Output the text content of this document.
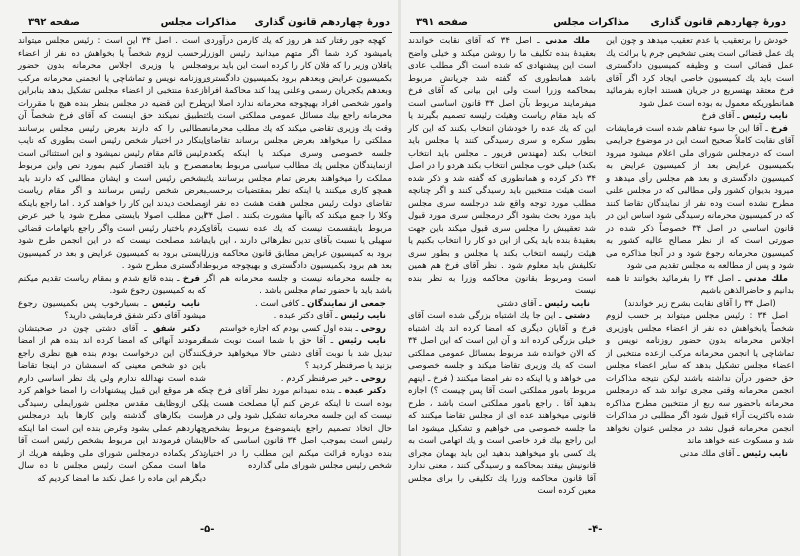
دورهٔ چهاردهم قانون گذاری
مذاکرات مجلس
صفحه ۳۹۲

کهچه جور رفتار کند هر روز که یك کارمن درآوردی یامیشود کرد شما اگر متهم میدانید رئیس الوزرا یافلان وزیر را که فلان کار را کرده است این باید برود بکمیسیون عرایض وبعدهم برود بکمیسیون دادگستری وبعدهم یکجریان رسمی وعلنی پیدا کند محاکمهٔ افراد وامور شخصی افراد بهیچوجه محرمانه ندارد اصلا این محرمانه راجع بیك مسائل عمومی مملکتی است یك وقت یك وزیری تقاضی میکند که یك مطلب محرمانه مملکتی را میخواهد بعرض مجلس برساند تقاضای جلسه خصوصی وسری میکند یا اینکه یکعده ازنمایندگان مجلس یك مطالب سیاسی مربوط بعامه مملکت را میخواهند بعرض تمام مجلس برسانند یك همچو کاری میکنند یا اینکه نظر بمقتضیات برحسب تقاضای دولت رئیس مجلس هفت هشت ده نفر از وکلا را جمع میکند که باآنها مشورت بکنند . اصل ۳۴ مربوط باینقسمت نیست که یك عده نسبت بآقای سهیلی یا نسبت بآقای تدین نظرهائی دارند ، این باید برود به کمیسیون عرایض مطابق قانون محاکمه وزرا بعد هم برود بکمیسیون دادگستری و بهیچوجه مربوط به جلسه محرمانه نیست و جلسه محرمانه هم اگر باشد باید با حضور تمام مجلس باشد .

جمعی از نمایندگان ـ کافی است .

نایب رئیس ـ آقای دکتر عبده .

روحی ـ بنده اول کسی بودم که اجازه خواستم

نایب رئیس ـ آقا حق با شما است نوبت شما تبدیل شد با نوبت آقای دشتی حالا میخواهید حرف بزنید یا صرفنظر کردید ؟

روحی ـ خیر صرفنظر کردم .

دکتر عبده ـ بنده نمیدانم مورد نظر آقای فرخ چه بوده است تا اینکه عرض کنم آیا مصلحت هست یا نیست که این جلسه محرمانه تشکیل شود ولی در هر حال اتخاذ تصمیم راجع باینموضوع مربوط بشخص رئیس است بموجب اصل ۳۴ قانون اساسی که حالا بنده دوباره قرائت میکنم این مطلب را در اختیار شخص رئیس مجلس شورای ملی گذارده

است . اصل ۳۴ این است : رئیس مجلس میتواند برحسب لزوم شخصاً یا بخواهش ده نفر از اعضاء مجلس یا وزیری اجلاس محرمانه بدون حضور روزنامه نویس و تماشاچی یا انجمنی محرمانه مرکب ازعدهٔ منتخبی از اعضاء مجلس تشکیل بدهد بنابراین طرح این قضیه در مجلس بنظر بنده هیچ با مقررات تطبیق نمیکند حق اینست که آقای فرخ شخصاً آن مطالبی را که دارند بعرض رئیس مجلس برسانند اینکار در اختیار شخص رئیس است بطوری که نایب رئیس قائم مقام رئیس نمیشود و این استثنائی است مصرح و باید اقتصار کنیم بمورد نص واین مربوط بشخص رئیس است و ایشان مطالبی که دارند باید بعرض شخص رئیس برسانند و اگر مقام ریاست مصلحت دیدند این کار را خواهند کرد . اما راجع باینکه این مطلب اصولا بایستی مطرح شود یا خیر عرض کردم باختیار رئیس است واگر راجع باتهامات قضائی باشد مصلحت نیست که در این انجمن طرح شود بایستی برود به کمیسیون عرایض و بعد در کمیسیون دادگستری مطرح شود .

فرخ ـ بنده قانع شدم و بمقام ریاست تقدیم میکنم که به کمیسیون رجوع شود.

نایب رئیس ـ بسیارخوب پس بکمیسیون رجوع میشود آقای دکتر شفق فرمایشی دارید؟

دکتر شفق ـ آقای دشتی چون در صحبتشان فرمودند آنهائی که امضا کرده اند بنده هم از امضا کنندگان این درخواست بودم بنده هیچ نظری راجع باین دو شخص معینی که اسمشان در اینجا تقاضا شده است نهدالله ندارم ولی یك نظر اساسی دارم که هر موقع این قبیل پیشنهادات را امضا خواهم کرد یکی ازوظایف مقدس مجلس شورایملی رسیدگی است بکارهای گذشته واین کارها باید درمجلس چهاردهم عملی بشود وغرض بنده این است اما اینکه ایشان فرمودند این مربوط بشخص رئیس است آقا تذکر یکماده درمجلس شورای ملی وظیفه هریك از ماها است ممکن است رئیس مجلس تا ده سال دیگرهم این ماده را عمل نکند ما امضا کردیم که

-۵-
دورهٔ چهاردهم قانون گذاری
مذاکرات مجلس
صفحه ۳۹۱

خودش را برتعقیب یا عدم تعقیب میدهد و چون این یك عمل قضائی است یعنی تشخیص جرم یا برائت یك عمل قضائی است و وظیفه کمیسیون دادگستری است باید یك کمیسیون خاصی ایجاد کرد اگر آقای فرخ معتقد بهتسریع در جریان هستند اجازه بفرمائید همانطوریکه معمول به بوده است عمل شود

نایب رئیس ـ آقای فرخ

فرخ ـ آقا این جا سوء تفاهم شده است فرمایشات آقای نقابت کاملاً صحیح است این در موضوع جرایمی است که درمجلس شورای ملی اعلام میشود میرود بکمیسیون عرایض بعد از کمیسیون عرایض به کمیسیون دادگستری و بعد هم مجلس رأی میدهد و میرود بدیوان کشور ولی مطالبی که در مجلس علنی مطرح نشده است وده نفر از نمایندگان تقاضا کنند که در کمیسیون محرمانه رسیدگی شود اساس این در قانون اساسی در اصل ۳۴ خصوصاً ذکر شده در صورتی است که از نظر مصالح عالیه کشور به کمیسیون محرمانه رجوع شود و در آنجا مذاکره می شود و پس از مطالعه به مجلس تقدیم می شود

ملك مدنی ـ اصل ۳۴ را بفرمائید بخوانند تا همه بدانیم و حاضرالذهن باشیم

(اصل ۳۴ را آقای نقابت بشرح زیر خواندند)

اصل ۳۴ : رئیس مجلس میتواند بر حسب لزوم شخصاً یابخواهش ده نفر از اعضاء مجلس یاوزیری اجلاس محرمانه بدون حضور روزنامه نویس و تماشاچی یا انجمن محرمانه مرکب ازعده منتخبی از اعضاء مجلس تشکیل بدهد که سایر اعضاء مجلس حق حضور درآن نداشته باشند لیکن نتیجه مذاکرات انجمن محرمانه وقتی مجری تواند شد که درمجلس محرمانه باحضور سه ربع از منتخبین مطرح مذاکره شده باکثریت آراء قبول شود اگر مطلبی در مذاکرات انجمن محرمانه قبول نشد در مجلس عنوان نخواهد شد و مسکوت عنه خواهد ماند

نایب رئیس ـ آقای ملك مدنی

ملك مدنی ـ اصل ۳۴ که آقای نقابت خواندند بعقیدهٔ بنده تکلیف ما را روشن میکند و خیلی واضح است این پیشنهادی که شده است اگر مطلب عادی باشد همانطوری که گفته شد جریانش مربوط بمحاکمه وزرا است ولی این بیانی که آقای فرخ میفرمایند مربوط بآن اصل ۳۴ قانون اساسی است که باید مقام ریاست وهیئت رئیسه تصمیم بگیرند یا این که یك عده را خودشان انتخاب بکنند که این کار بطور سکره و سری رسیدگی کنند یا مجلس باید انتخاب بکند (مهندس فریور ـ مجلس باید انتخاب بکند) خیلی خوب مجلس انتخاب بکند هردو را در اصل ۳۴ ذکر کرده و همانطوری که گفته شد و ذکر شده است هیئت منتخبین باید رسیدگی کنند و اگر چنانچه مطلب مورد توجه واقع شد درجلسه سری مجلس باید مورد بحث بشود اگر درمجلس سری مورد قبول شد تعقیبش را مجلس سری قبول میکند باین جهت بعقیدهٔ بنده باید یکی از این دو کار را انتخاب بکنیم یا هیئت رئیسه انتخاب بکند یا مجلس و بطور سری تکلیفش باید معلوم شود . نظر آقای فرخ هم همین است ومربوط بقانون محاکمه وزرا به نظر بنده نیست

نایب رئیس ـ آقای دشتی

دشتی ـ این جا یك اشتباه بزرگی شده است آقای فرخ و آقایان دیگری که امضا کرده اند یك اشتباه خیلی بزرگی کرده اند و آن این است که این اصل ۳۴ که الان خوانده شد مربوط بمسائل عمومی مملکتی است که یك وزیری تقاضا میکند و جلسه خصوصی می خواهد و یا اینکه ده نفر امضا میکنند ( فرخ ـ اینهم مربوط بامور مملکتی است آقا پس چیست ؟) اجازه بدهید آقا . راجع بامور مملکتی است باشد ، طرح قانونی میخواهند عده ای از مجلس تقاضا میکنند که ما جلسه خصوصی می خواهیم و تشکیل میشود اما این راجع بیك فرد خاصی است و یك اتهامی است به یك کسی باو میخواهید بدهید این باید بهمان مجرای قانونیش بیفتد بمحاکمه و رسیدگی کنند ، معنی ندارد آقا قانون محاکمه وزرا یك تکلیفی را برای مجلس معین کرده است

-۴-
